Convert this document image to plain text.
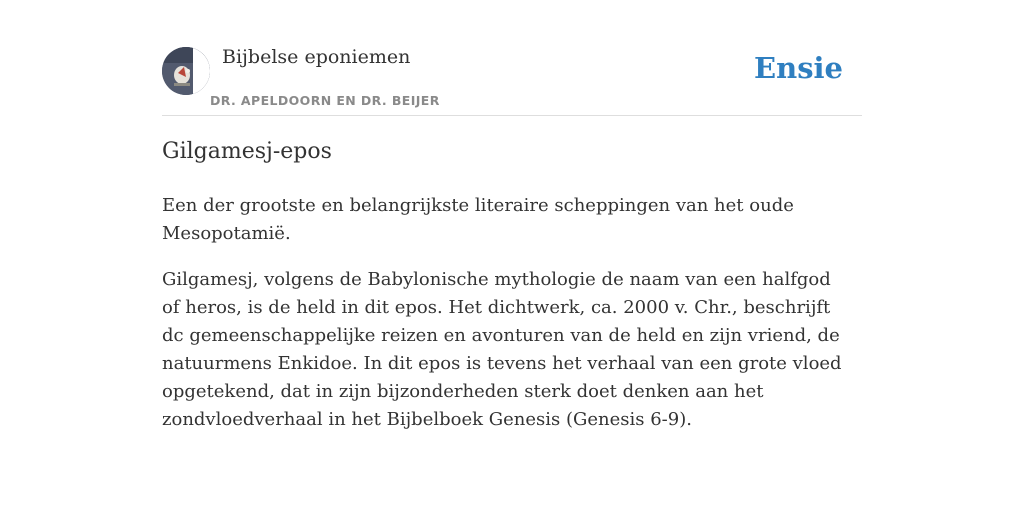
Bijbelse eponiemen
DR. APELDOORN EN DR. BEIJER
Ensie
Gilgamesj-epos

Een der grootste en belangrijkste literaire scheppingen van het oude Mesopotamië.

Gilgamesj, volgens de Babylonische mythologie de naam van een halfgod of heros, is de held in dit epos. Het dichtwerk, ca. 2000 v. Chr., beschrijft dc gemeenschappelijke reizen en avonturen van de held en zijn vriend, de natuurmens Enkidoe. In dit epos is tevens het verhaal van een grote vloed opgetekend, dat in zijn bijzonderheden sterk doet denken aan het zondvloedverhaal in het Bijbelboek Genesis (Genesis 6-9).
